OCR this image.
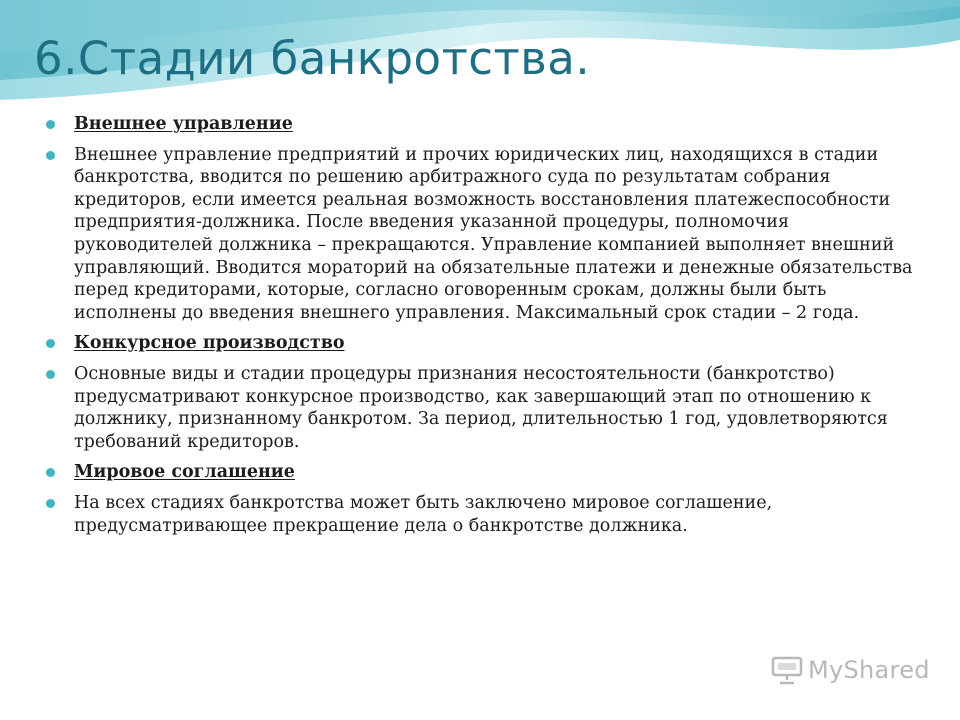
6.Стадии банкротства.
Внешнее управление
Внешнее управление предприятий и прочих юридических лиц, находящихся в стадии банкротства, вводится по решению арбитражного суда по результатам собрания кредиторов, если имеется реальная возможность восстановления платежеспособности предприятия-должника. После введения указанной процедуры, полномочия руководителей должника – прекращаются. Управление компанией выполняет внешний управляющий. Вводится мораторий на обязательные платежи и денежные обязательства перед кредиторами, которые, согласно оговоренным срокам, должны были быть исполнены до введения внешнего управления. Максимальный срок стадии – 2 года.
Конкурсное производство
Основные виды и стадии процедуры признания несостоятельности (банкротство) предусматривают конкурсное производство, как завершающий этап по отношению к должнику, признанному банкротом. За период, длительностью 1 год, удовлетворяются требований кредиторов.
Мировое соглашение
На всех стадиях банкротства может быть заключено мировое соглашение, предусматривающее прекращение дела о банкротстве должника.
MyShared
